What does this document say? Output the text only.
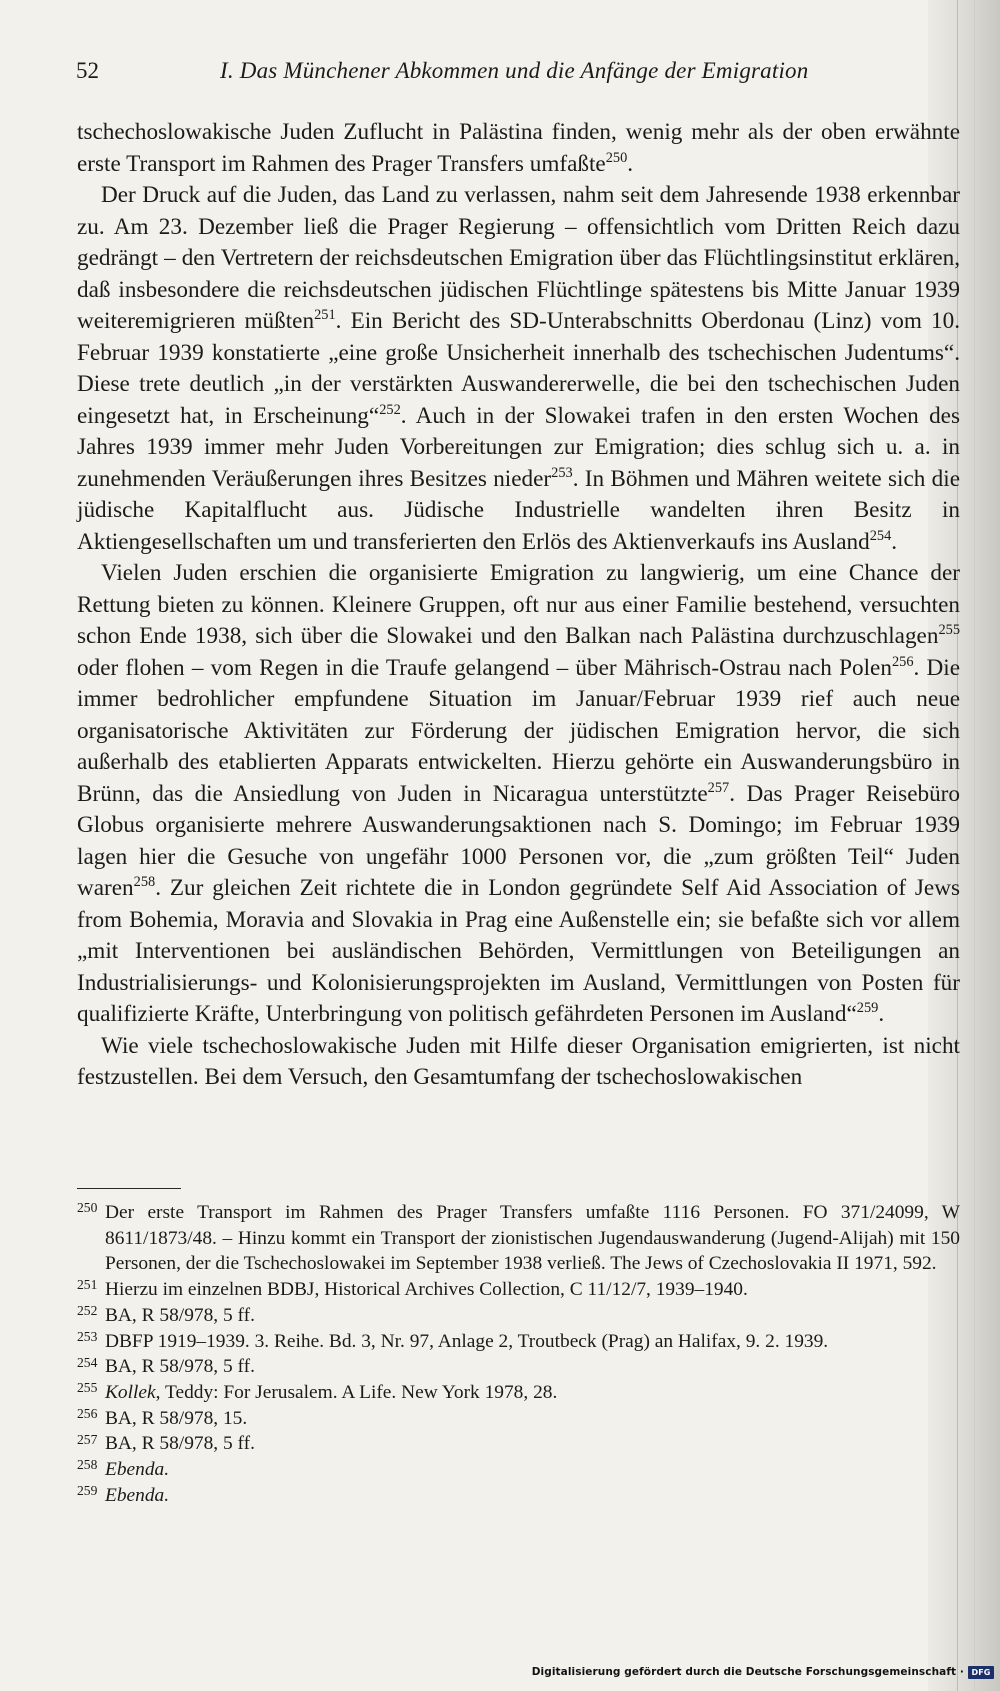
52	I. Das Münchener Abkommen und die Anfänge der Emigration

tschechoslowakische Juden Zuflucht in Palästina finden, wenig mehr als der oben erwähnte erste Transport im Rahmen des Prager Transfers umfaßte$^{250}$.

Der Druck auf die Juden, das Land zu verlassen, nahm seit dem Jahresende 1938 erkennbar zu. Am 23. Dezember ließ die Prager Regierung – offensichtlich vom Dritten Reich dazu gedrängt – den Vertretern der reichsdeutschen Emigration über das Flüchtlingsinstitut erklären, daß insbesondere die reichsdeutschen jüdischen Flüchtlinge spätestens bis Mitte Januar 1939 weiteremigrieren müßten$^{251}$. Ein Bericht des SD-Unterabschnitts Oberdonau (Linz) vom 10. Februar 1939 konstatierte „eine große Unsicherheit innerhalb des tschechischen Judentums“. Diese trete deutlich „in der verstärkten Auswandererwelle, die bei den tschechischen Juden eingesetzt hat, in Erscheinung“$^{252}$. Auch in der Slowakei trafen in den ersten Wochen des Jahres 1939 immer mehr Juden Vorbereitungen zur Emigration; dies schlug sich u. a. in zunehmenden Veräußerungen ihres Besitzes nieder$^{253}$. In Böhmen und Mähren weitete sich die jüdische Kapitalflucht aus. Jüdische Industrielle wandelten ihren Besitz in Aktiengesellschaften um und transferierten den Erlös des Aktienverkaufs ins Ausland$^{254}$.

Vielen Juden erschien die organisierte Emigration zu langwierig, um eine Chance der Rettung bieten zu können. Kleinere Gruppen, oft nur aus einer Familie bestehend, versuchten schon Ende 1938, sich über die Slowakei und den Balkan nach Palästina durchzuschlagen$^{255}$ oder flohen – vom Regen in die Traufe gelangend – über Mährisch-Ostrau nach Polen$^{256}$. Die immer bedrohlicher empfundene Situation im Januar/Februar 1939 rief auch neue organisatorische Aktivitäten zur Förderung der jüdischen Emigration hervor, die sich außerhalb des etablierten Apparats entwickelten. Hierzu gehörte ein Auswanderungsbüro in Brünn, das die Ansiedlung von Juden in Nicaragua unterstützte$^{257}$. Das Prager Reisebüro Globus organisierte mehrere Auswanderungsaktionen nach S. Domingo; im Februar 1939 lagen hier die Gesuche von ungefähr 1000 Personen vor, die „zum größten Teil“ Juden waren$^{258}$. Zur gleichen Zeit richtete die in London gegründete Self Aid Association of Jews from Bohemia, Moravia and Slovakia in Prag eine Außenstelle ein; sie befaßte sich vor allem „mit Interventionen bei ausländischen Behörden, Vermittlungen von Beteiligungen an Industrialisierungs- und Kolonisierungsprojekten im Ausland, Vermittlungen von Posten für qualifizierte Kräfte, Unterbringung von politisch gefährdeten Personen im Ausland“$^{259}$.

Wie viele tschechoslowakische Juden mit Hilfe dieser Organisation emigrierten, ist nicht festzustellen. Bei dem Versuch, den Gesamtumfang der tschechoslowakischen

250 Der erste Transport im Rahmen des Prager Transfers umfaßte 1116 Personen. FO 371/24099, W 8611/1873/48. – Hinzu kommt ein Transport der zionistischen Jugendauswanderung (Jugend-Alijah) mit 150 Personen, der die Tschechoslowakei im September 1938 verließ. The Jews of Czechoslovakia II 1971, 592.

251 Hierzu im einzelnen BDBJ, Historical Archives Collection, C 11/12/7, 1939–1940.

252 BA, R 58/978, 5 ff.

253 DBFP 1919–1939. 3. Reihe. Bd. 3, Nr. 97, Anlage 2, Troutbeck (Prag) an Halifax, 9. 2. 1939.

254 BA, R 58/978, 5 ff.

255 Kollek, Teddy: For Jerusalem. A Life. New York 1978, 28.

256 BA, R 58/978, 15.

257 BA, R 58/978, 5 ff.

258 Ebenda.

259 Ebenda.

Digitalisierung gefördert durch die Deutsche Forschungsgemeinschaft · DFG
